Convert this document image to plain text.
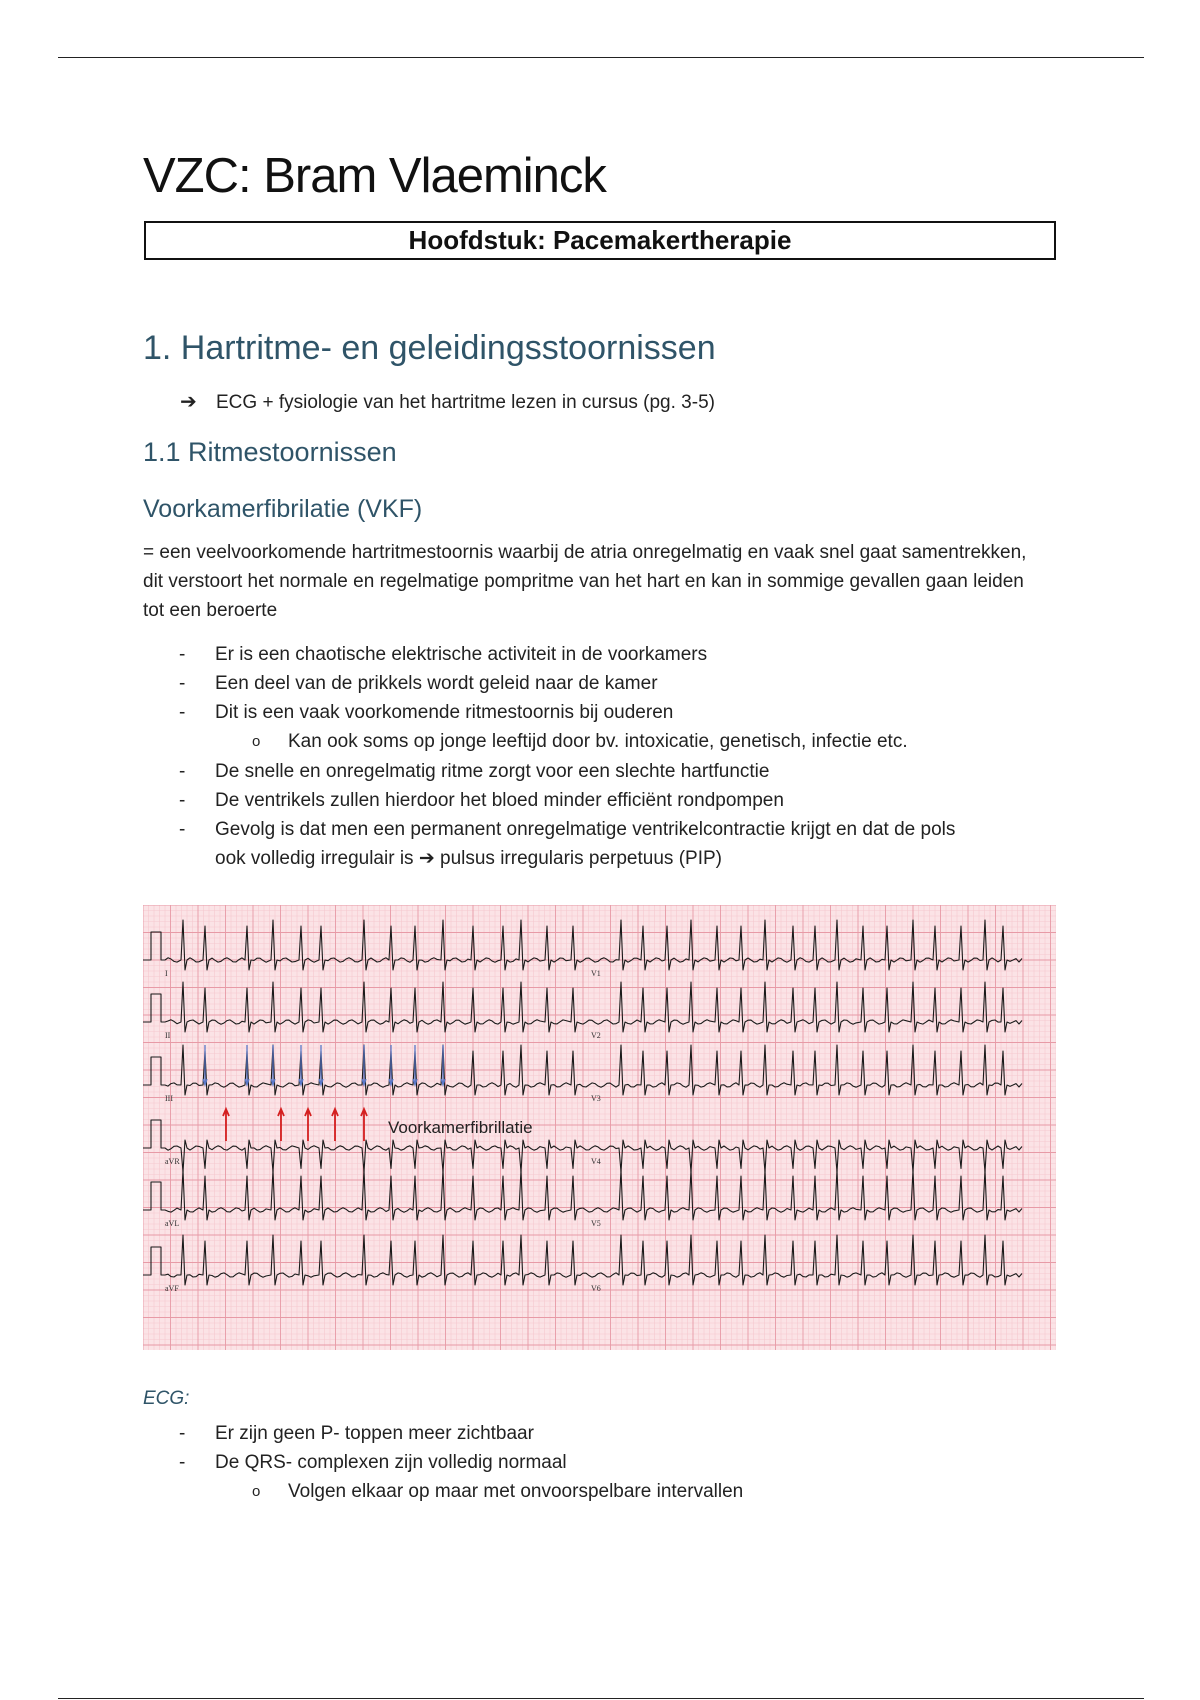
VZC: Bram Vlaeminck
Hoofdstuk: Pacemakertherapie
1. Hartritme- en geleidingsstoornissen
➔ ECG + fysiologie van het hartritme lezen in cursus (pg. 3-5)
1.1 Ritmestoornissen
Voorkamerfibrilatie (VKF)

= een veelvoorkomende hartritmestoornis waarbij de atria onregelmatig en vaak snel gaat samentrekken, dit verstoort het normale en regelmatige pompritme van het hart en kan in sommige gevallen gaan leiden tot een beroerte

- Er is een chaotische elektrische activiteit in de voorkamers
- Een deel van de prikkels wordt geleid naar de kamer
- Dit is een vaak voorkomende ritmestoornis bij ouderen
o Kan ook soms op jonge leeftijd door bv. intoxicatie, genetisch, infectie etc.
- De snelle en onregelmatig ritme zorgt voor een slechte hartfunctie
- De ventrikels zullen hierdoor het bloed minder efficiënt rondpompen
- Gevolg is dat men een permanent onregelmatige ventrikelcontractie krijgt en dat de pols
ook volledig irregulair is ➔ pulsus irregularis perpetuus (PIP)
Voorkamerfibrillatie
I	V1
II	V2
III	V3
aVR	V4
aVL	V5
aVF	V6
ECG:
- Er zijn geen P- toppen meer zichtbaar
- De QRS- complexen zijn volledig normaal
o Volgen elkaar op maar met onvoorspelbare intervallen
